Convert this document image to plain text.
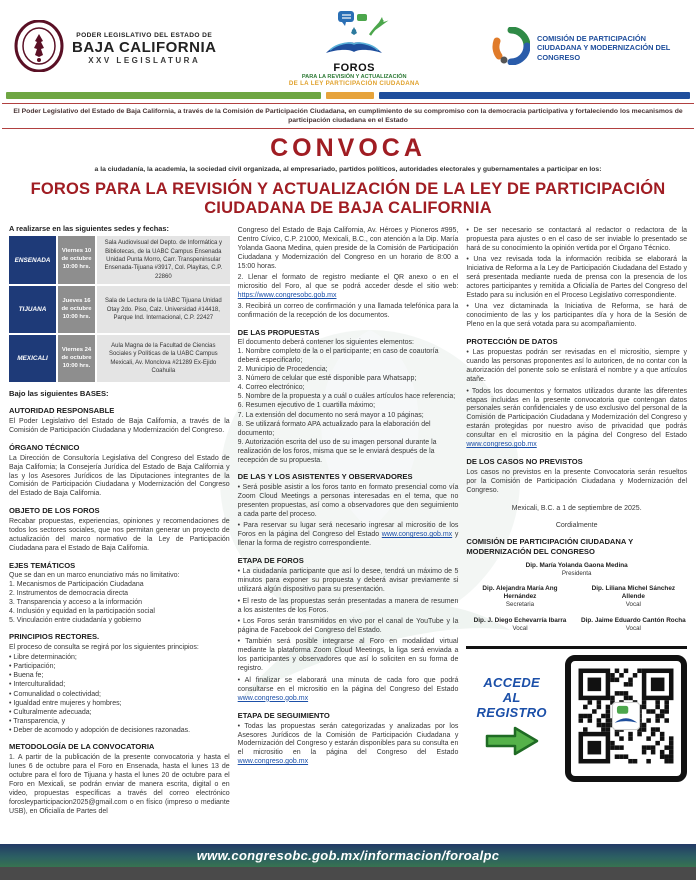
PODER LEGISLATIVO DEL ESTADO DE
BAJA CALIFORNIA
XXV LEGISLATURA
FOROS
PARA LA REVISIÓN Y ACTUALIZACIÓN
DE LA LEY PARTICIPACIÓN CIUDADANA
COMISIÓN DE PARTICIPACIÓN CIUDADANA Y MODERNIZACIÓN DEL CONGRESO
El Poder Legislativo del Estado de Baja California, a través de la Comisión de Participación Ciudadana, en cumplimiento de su compromiso con la democracia participativa y fortaleciendo los mecanismos de participación ciudadana en el Estado
CONVOCA
a la ciudadanía, la academia, la sociedad civil organizada, al empresariado, partidos políticos, autoridades electorales y gubernamentales a participar en los:
FOROS PARA LA REVISIÓN Y ACTUALIZACIÓN DE LA LEY DE PARTICIPACIÓN CIUDADANA DE BAJA CALIFORNIA
A realizarse en las siguientes sedes y fechas:
ENSENADA
Viernes 10 de octubre 10:00 hrs.
Sala Audiovisual del Depto. de Informática y Bibliotecas, de la UABC Campus Ensenada Unidad Punta Morro, Carr. Transpeninsular Ensenada-Tijuana #3917, Col. Playitas, C.P. 22860
TIJUANA
Jueves 16 de octubre 10:00 hrs.
Sala de Lectura de la UABC Tijuana Unidad Otay 2do. Piso, Calz. Universidad #14418, Parque Ind. Internacional, C.P. 22427
MEXICALI
Viernes 24 de octubre 10:00 hrs.
Aula Magna de la Facultad de Ciencias Sociales y Políticas de la UABC Campus Mexicali, Av. Monclova #21289 Ex-Ejido Coahuila
Bajo las siguientes BASES:
AUTORIDAD RESPONSABLE
El Poder Legislativo del Estado de Baja California, a través de la Comisión de Participación Ciudadana y Modernización del Congreso.
ÓRGANO TÉCNICO
La Dirección de Consultoría Legislativa del Congreso del Estado de Baja California; la Consejería Jurídica del Estado de Baja California y las y los Asesores Jurídicos de las Diputaciones integrantes de la Comisión de Participación Ciudadana y Modernización del Congreso del Estado de Baja California.
OBJETO DE LOS FOROS
Recabar propuestas, experiencias, opiniones y recomendaciones de todos los sectores sociales, que nos permitan generar un proyecto de actualización del marco normativo de la Ley de Participación Ciudadana para el Estado de Baja California.
EJES TEMÁTICOS
Que se dan en un marco enunciativo más no limitativo:
1. Mecanismos de Participación Ciudadana
2. Instrumentos de democracia directa
3. Transparencia y acceso a la información
4. Inclusión y equidad en la participación social
5. Vinculación entre ciudadanía y gobierno
PRINCIPIOS RECTORES.
El proceso de consulta se regirá por los siguientes principios:
• Libre determinación;
• Participación;
• Buena fe;
• Interculturalidad;
• Comunalidad o colectividad;
• Igualdad entre mujeres y hombres;
• Culturalmente adecuada;
• Transparencia, y
• Deber de acomodo y adopción de decisiones razonadas.
METODOLOGÍA DE LA CONVOCATORIA
1. A partir de la publicación de la presente convocatoria y hasta el lunes 6 de octubre para el Foro en Ensenada, hasta el lunes 13 de octubre para el foro de Tijuana y hasta el lunes 20 de octubre para el Foro en Mexicali, se podrán enviar de manera escrita, digital o en video, propuestas específicas a través del correo electrónico forosleyparticipacion2025@gmail.com o en físico (impreso o mediante USB), en Oficialía de Partes del
Congreso del Estado de Baja California, Av. Héroes y Pioneros #995, Centro Cívico, C.P. 21000, Mexicali, B.C., con atención a la Dip. María Yolanda Gaona Medina, quien preside de la Comisión de Participación Ciudadana y Modernización del Congreso en un horario de 8:00 a 15:00 horas.
2. Llenar el formato de registro mediante el QR anexo o en el micrositio del Foro, al que se podrá acceder desde el sitio web: https://www.congresobc.gob.mx
3. Recibirá un correo de confirmación y una llamada telefónica para la confirmación de la recepción de los documentos.
DE LAS PROPUESTAS
El documento deberá contener los siguientes elementos:
1. Nombre completo de la o el participante; en caso de coautoría deberá especificarlo;
2. Municipio de Procedencia;
3. Número de celular que esté disponible para Whatsapp;
4. Correo electrónico;
5. Nombre de la propuesta y a cuál o cuáles artículos hace referencia;
6. Resumen ejecutivo de 1 cuartilla máximo;
7. La extensión del documento no será mayor a 10 páginas;
8. Se utilizará formato APA actualizado para la elaboración del documento;
9. Autorización escrita del uso de su imagen personal durante la realización de los foros, misma que se le enviará después de la recepción de su propuesta.
DE LAS Y LOS ASISTENTES Y OBSERVADORES
• Será posible asistir a los foros tanto en formato presencial como vía Zoom Cloud Meetings a personas interesadas en el tema, que no presenten propuestas, así como a observadores que den seguimiento a cada parte del proceso.
• Para reservar su lugar será necesario ingresar al micrositio de los Foros en la página del Congreso del Estado www.congreso.gob.mx y llenar la forma de registro correspondiente.
ETAPA DE FOROS
• La ciudadanía participante que así lo desee, tendrá un máximo de 5 minutos para exponer su propuesta y deberá avisar previamente si utilizará algún dispositivo para su presentación.
• El resto de las propuestas serán presentadas a manera de resumen a los asistentes de los Foros.
• Los Foros serán transmitidos en vivo por el canal de YouTube y la página de Facebook del Congreso del Estado.
• También será posible integrarse al Foro en modalidad virtual mediante la plataforma Zoom Cloud Meetings, la liga será enviada a los participantes y observadores que así lo soliciten en su forma de registro.
• Al finalizar se elaborará una minuta de cada foro que podrá consultarse en el micrositio en la página del Congreso del Estado www.congreso.gob.mx
ETAPA DE SEGUIMIENTO
• Todas las propuestas serán categorizadas y analizadas por los Asesores Jurídicos de la Comisión de Participación Ciudadana y Modernización del Congreso y estarán disponibles para su consulta en el micrositio en la página del Congreso del Estado www.congreso.gob.mx
• De ser necesario se contactará al redactor o redactora de la propuesta para ajustes o en el caso de ser inviable lo presentado se hará de su conocimiento la opinión vertida por el Órgano Técnico.
• Una vez revisada toda la información recibida se elaborará la Iniciativa de Reforma a la Ley de Participación Ciudadana del Estado y será presentada mediante rueda de prensa con la presencia de los actores participantes y remitida a Oficialía de Partes del Congreso del Estado para su inclusión en el Proceso Legislativo correspondiente.
• Una vez dictaminada la Iniciativa de Reforma, se hará de conocimiento de las y los participantes día y hora de la Sesión de Pleno en la que será votada para su acompañamiento.
PROTECCIÓN DE DATOS
• Las propuestas podrán ser revisadas en el micrositio, siempre y cuando las personas proponentes así lo autoricen, de no contar con la autorización del ponente solo se enlistará el nombre y a que artículos atañe.
• Todos los documentos y formatos utilizados durante las diferentes etapas incluidas en la presente convocatoria que contengan datos personales serán confidenciales y de uso exclusivo del personal de la Comisión de Participación Ciudadana y Modernización del Congreso y estarán protegidas por nuestro aviso de privacidad que podrás consultar en el micrositio en la página del Congreso del Estado www.congreso.gob.mx
DE LOS CASOS NO PREVISTOS
Los casos no previstos en la presente Convocatoria serán resueltos por la Comisión de Participación Ciudadana y Modernización del Congreso.
Mexicali, B.C. a 1 de septiembre de 2025.
Cordialmente
COMISIÓN DE PARTICIPACIÓN CIUDADANA Y MODERNIZACIÓN DEL CONGRESO
Dip. María Yolanda Gaona Medina
Presidenta
Dip. Alejandra María Ang Hernández
Secretaria
Dip. Liliana Michel Sánchez Allende
Vocal
Dip. J. Diego Echevarría Ibarra
Vocal
Dip. Jaime Eduardo Cantón Rocha
Vocal
ACCEDE
AL REGISTRO
www.congresobc.gob.mx/informacion/foroalpc
